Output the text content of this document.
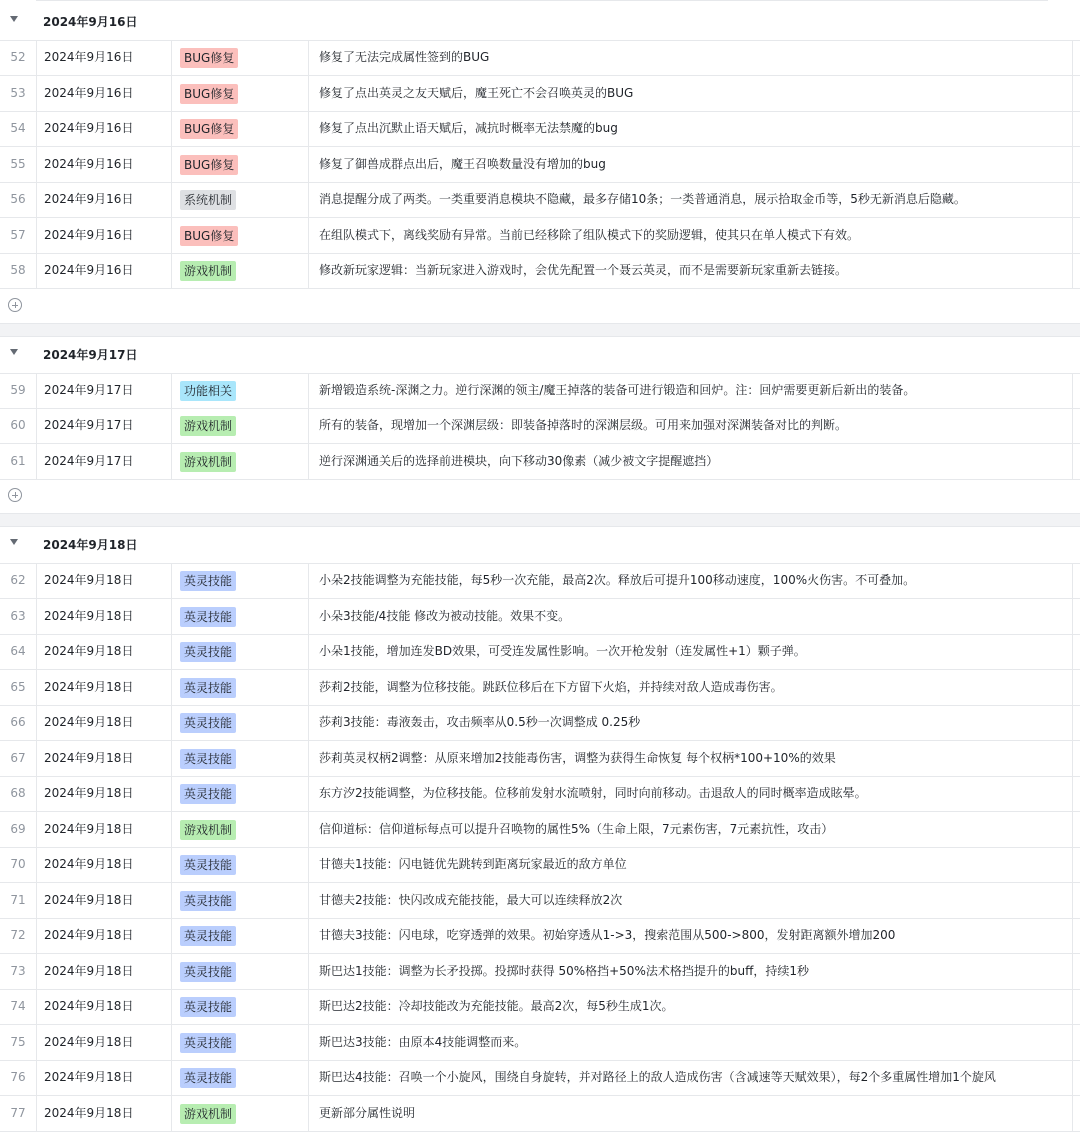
2024年9月16日
52	2024年9月16日	BUG修复	修复了无法完成属性签到的BUG
53	2024年9月16日	BUG修复	修复了点出英灵之友天赋后，魔王死亡不会召唤英灵的BUG
54	2024年9月16日	BUG修复	修复了点出沉默止语天赋后，减抗时概率无法禁魔的bug
55	2024年9月16日	BUG修复	修复了御兽成群点出后，魔王召唤数量没有增加的bug
56	2024年9月16日	系统机制	消息提醒分成了两类。一类重要消息模块不隐藏，最多存储10条；一类普通消息，展示拾取金币等，5秒无新消息后隐藏。
57	2024年9月16日	BUG修复	在组队模式下，离线奖励有异常。当前已经移除了组队模式下的奖励逻辑，使其只在单人模式下有效。
58	2024年9月16日	游戏机制	修改新玩家逻辑：当新玩家进入游戏时，会优先配置一个聂云英灵，而不是需要新玩家重新去链接。
2024年9月17日
59	2024年9月17日	功能相关	新增锻造系统-深渊之力。逆行深渊的领主/魔王掉落的装备可进行锻造和回炉。注：回炉需要更新后新出的装备。
60	2024年9月17日	游戏机制	所有的装备，现增加一个深渊层级：即装备掉落时的深渊层级。可用来加强对深渊装备对比的判断。
61	2024年9月17日	游戏机制	逆行深渊通关后的选择前进模块，向下移动30像素（减少被文字提醒遮挡）
2024年9月18日
62	2024年9月18日	英灵技能	小朵2技能调整为充能技能，每5秒一次充能，最高2次。释放后可提升100移动速度，100%火伤害。不可叠加。
63	2024年9月18日	英灵技能	小朵3技能/4技能 修改为被动技能。效果不变。
64	2024年9月18日	英灵技能	小朵1技能，增加连发BD效果，可受连发属性影响。一次开枪发射（连发属性+1）颗子弹。
65	2024年9月18日	英灵技能	莎莉2技能，调整为位移技能。跳跃位移后在下方留下火焰，并持续对敌人造成毒伤害。
66	2024年9月18日	英灵技能	莎莉3技能：毒液轰击，攻击频率从0.5秒一次调整成 0.25秒
67	2024年9月18日	英灵技能	莎莉英灵权柄2调整：从原来增加2技能毒伤害，调整为获得生命恢复 每个权柄*100+10%的效果
68	2024年9月18日	英灵技能	东方汐2技能调整，为位移技能。位移前发射水流喷射，同时向前移动。击退敌人的同时概率造成眩晕。
69	2024年9月18日	游戏机制	信仰道标：信仰道标每点可以提升召唤物的属性5%（生命上限，7元素伤害，7元素抗性，攻击）
70	2024年9月18日	英灵技能	甘德夫1技能：闪电链优先跳转到距离玩家最近的敌方单位
71	2024年9月18日	英灵技能	甘德夫2技能：快闪改成充能技能，最大可以连续释放2次
72	2024年9月18日	英灵技能	甘德夫3技能：闪电球，吃穿透弹的效果。初始穿透从1->3，搜索范围从500->800，发射距离额外增加200
73	2024年9月18日	英灵技能	斯巴达1技能：调整为长矛投掷。投掷时获得 50%格挡+50%法术格挡提升的buff，持续1秒
74	2024年9月18日	英灵技能	斯巴达2技能：冷却技能改为充能技能。最高2次，每5秒生成1次。
75	2024年9月18日	英灵技能	斯巴达3技能：由原本4技能调整而来。
76	2024年9月18日	英灵技能	斯巴达4技能：召唤一个小旋风，围绕自身旋转，并对路径上的敌人造成伤害（含减速等天赋效果），每2个多重属性增加1个旋风
77	2024年9月18日	游戏机制	更新部分属性说明
